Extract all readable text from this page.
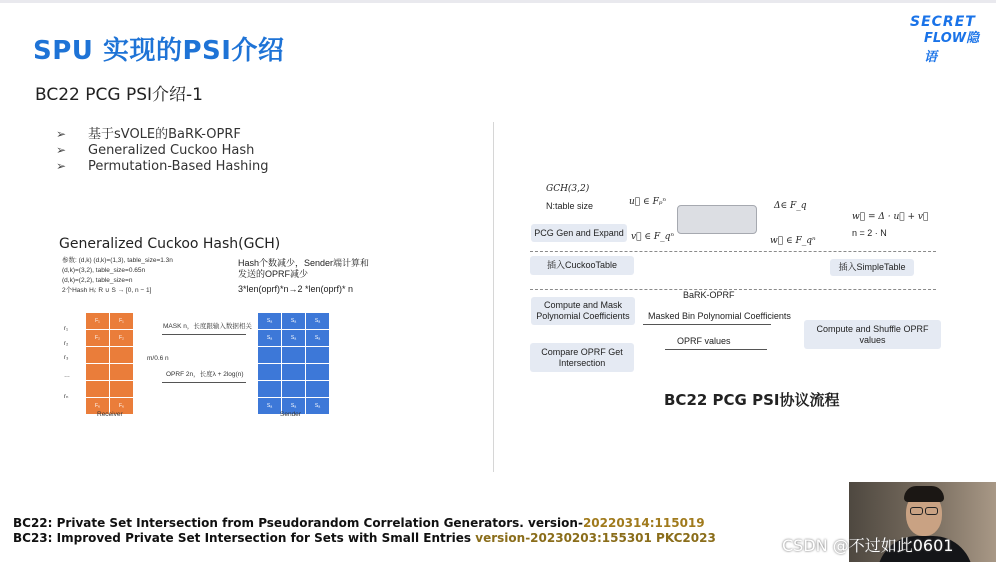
SPU 实现的PSI介绍
BC22 PCG PSI介绍-1
SECRET
FLOW隐语
➢ 基于sVOLE的BaRK-OPRF
➢ Generalized Cuckoo Hash
➢ Permutation-Based Hashing
Generalized Cuckoo Hash(GCH)
参数: (d,k) (d,k)=(1,3), table_size=1.3n
(d,k)=(3,2), table_size=0.65n
(d,k)=(2,2), table_size=n
2个Hash Hᵢ: R ∪ S → [0, n − 1]
Hash个数减少，Sender端计算和发送的OPRF减少
3*len(oprf)*n→2 *len(oprf)* n
F₁	F₁
F₂	F₂
F₆	F₆
r₁
r₂
r₃
…
rₙ
Receiver
Sₐ	Sₐ	Sₐ
Sₐ	Sₐ	Sₐ
Sₐ	Sₐ	Sₐ
Sender
MASK n，长度跟输入数据相关
m/0.6 n
OPRF 2n，长度λ + 2log(n)
GCH(3,2)
N:table size	u⃗ ∈ Fₚⁿ	Δ∈ F_q
w⃗ = Δ · u⃗ + v⃗
n = 2 · N
PCG Gen and Expand v⃗ ∈ F_qⁿ	w⃗ ∈ F_qⁿ
插入CuckooTable	插入SimpleTable
BaRK-OPRF
Compute and Mask Polynomial Coefficients	Masked Bin Polynomial Coefficients
Compute and Shuffle OPRF values
OPRF values
Compare OPRF Get Intersection
BC22 PCG PSI协议流程
BC22: Private Set Intersection from Pseudorandom Correlation Generators. version-20220314:115019
BC23: Improved Private Set Intersection for Sets with Small Entries version-20230203:155301 PKC2023	CSDN @不过如此0601
